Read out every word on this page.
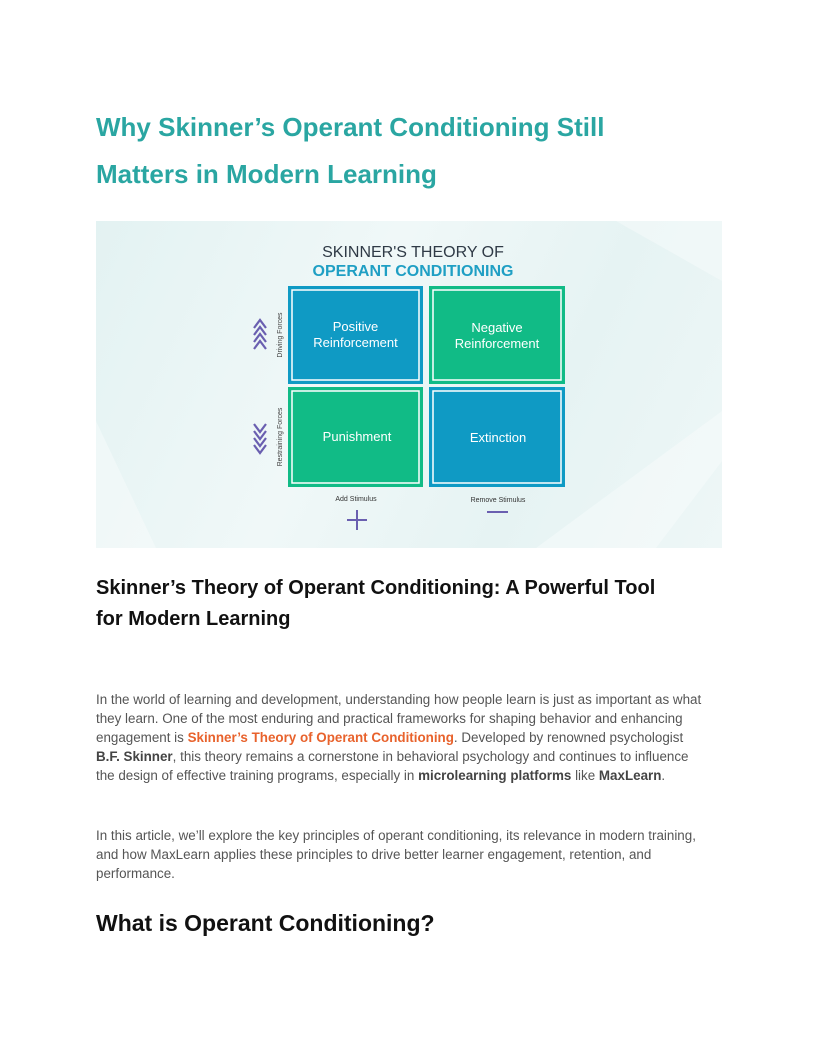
Why Skinner’s Operant Conditioning Still
Matters in Modern Learning
SKINNER'S THEORY OF
OPERANT CONDITIONING
Positive
Reinforcement
Negative
Reinforcement
Punishment	Extinction
Driving Forces
Restraining Forces
Add Stimulus	Remove Stimulus
Skinner’s Theory of Operant Conditioning: A Powerful Tool
for Modern Learning

In the world of learning and development, understanding how people learn is just as important as what they learn. One of the most enduring and practical frameworks for shaping behavior and enhancing engagement is Skinner’s Theory of Operant Conditioning. Developed by renowned psychologist B.F. Skinner, this theory remains a cornerstone in behavioral psychology and continues to influence the design of effective training programs, especially in microlearning platforms like MaxLearn.

In this article, we’ll explore the key principles of operant conditioning, its relevance in modern training, and how MaxLearn applies these principles to drive better learner engagement, retention, and performance.

What is Operant Conditioning?
